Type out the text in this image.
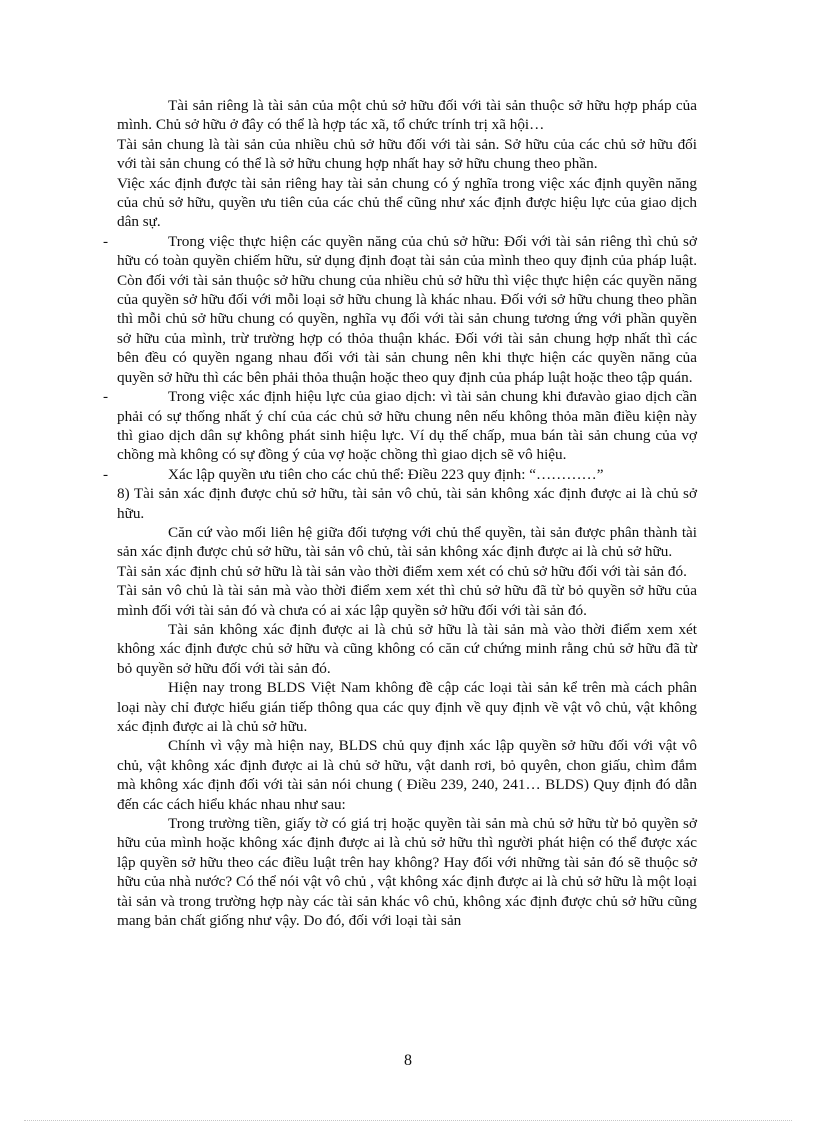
Tài sản riêng là tài sản của một chủ sở hữu đối với tài sản thuộc sở hữu hợp pháp của mình. Chủ sở hữu ở đây có thể là hợp tác xã, tổ chức trính trị xã hội…

Tài sản chung là tài sản của nhiều chủ sở hữu đối với tài sản. Sở hữu của các chủ sở hữu đối với tài sản chung có thể là sở hữu chung hợp nhất hay sở hữu chung theo phần.

Việc xác định được tài sản riêng hay tài sản chung có ý nghĩa trong việc xác định quyền năng của chủ sở hữu, quyền ưu tiên của các chủ thể cũng như xác định được hiệu lực của giao dịch dân sự.

- Trong việc thực hiện các quyền năng của chủ sở hữu: Đối với tài sản riêng thì chủ sở hữu có toàn quyền chiếm hữu, sử dụng định đoạt tài sản của mình theo quy định của pháp luật. Còn đối với tài sản thuộc sở hữu chung của nhiều chủ sở hữu thì việc thực hiện các quyền năng của quyền sở hữu đối với mỗi loại sở hữu chung là khác nhau. Đối với sở hữu chung theo phần thì mỗi chủ sở hữu chung có quyền, nghĩa vụ đối với tài sản chung tương ứng với phần quyền sở hữu của mình, trừ trường hợp có thỏa thuận khác. Đối với tài sản chung hợp nhất thì các bên đều có quyền ngang nhau đối với tài sản chung nên khi thực hiện các quyền năng của quyền sở hữu thì các bên phải thỏa thuận hoặc theo quy định của pháp luật hoặc theo tập quán.

- Trong việc xác định hiệu lực của giao dịch: vì tài sản chung khi đưavào giao dịch cần phải có sự thống nhất ý chí của các chủ sở hữu chung nên nếu không thỏa mãn điều kiện này thì giao dịch dân sự không phát sinh hiệu lực. Ví dụ thế chấp, mua bán tài sản chung của vợ chồng mà không có sự đồng ý của vợ hoặc chồng thì giao dịch sẽ vô hiệu.

- Xác lập quyền ưu tiên cho các chủ thể: Điều 223 quy định: “…………”

8) Tài sản xác định được chủ sở hữu, tài sản vô chủ, tài sản không xác định được ai là chủ sở hữu.

Căn cứ vào mối liên hệ giữa đối tượng với chủ thể quyền, tài sản được phân thành tài sản xác định được chủ sở hữu, tài sản vô chủ, tài sản không xác định được ai là chủ sở hữu.

Tài sản xác định chủ sở hữu là tài sản vào thời điểm xem xét có chủ sở hữu đối với tài sản đó.

Tài sản vô chủ là tài sản mà vào thời điểm xem xét thì chủ sở hữu đã từ bỏ quyền sở hữu của mình đối với tài sản đó và chưa có ai xác lập quyền sở hữu đối với tài sản đó.

Tài sản không xác định được ai là chủ sở hữu là tài sản mà vào thời điểm xem xét không xác định được chủ sở hữu và cũng không có căn cứ chứng minh rằng chủ sở hữu đã từ bỏ quyền sở hữu đối với tài sản đó.

Hiện nay trong BLDS Việt Nam không đề cập các loại tài sản kể trên mà cách phân loại này chỉ được hiểu gián tiếp thông qua các quy định về quy định về vật vô chủ, vật không xác định được ai là chủ sở hữu.

Chính vì vậy mà hiện nay, BLDS chủ quy định xác lập quyền sở hữu đối với vật vô chủ, vật không xác định được ai là chủ sở hữu, vật danh rơi, bỏ quyên, chon giấu, chìm đắm mà không xác định đối với tài sản nói chung ( Điều 239, 240, 241… BLDS) Quy định đó dẫn đến các cách hiểu khác nhau như sau:

Trong trường tiền, giấy tờ có giá trị hoặc quyền tài sản mà chủ sở hữu từ bỏ quyền sở hữu của mình hoặc không xác định được ai là chủ sở hữu thì người phát hiện có thể được xác lập quyền sở hữu theo các điều luật trên hay không? Hay đối với những tài sản đó sẽ thuộc sở hữu của nhà nước? Có thể nói vật vô chủ , vật không xác định được ai là chủ sở hữu là một loại tài sản và trong trường hợp này các tài sản khác vô chủ, không xác định được chủ sở hữu cũng mang bản chất giống như vậy. Do đó, đối với loại tài sản

8
